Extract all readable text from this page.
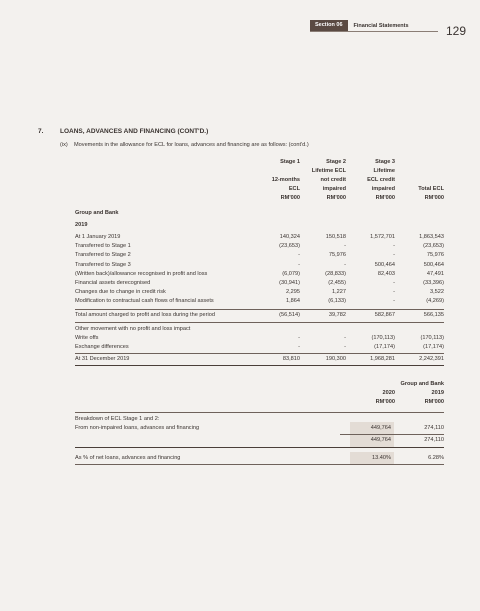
Section 06	Financial Statements	129
7.	LOANS, ADVANCES AND FINANCING (CONT'D.)
(ix)	Movements in the allowance for ECL for loans, advances and financing are as follows: (cont'd.)
Stage 1
12-months
ECL
RM'000
Stage 2
Lifetime ECL
not credit
impaired
RM'000
Stage 3
Lifetime
ECL credit
impaired
RM'000
Total ECL
RM'000
Group and Bank
2019
At 1 January 2019	140,324	150,518	1,572,701	1,863,543
Transferred to Stage 1	(23,653)	-	-	(23,653)
Transferred to Stage 2	-	75,976	-	75,976
Transferred to Stage 3	-	-	500,464	500,464
(Written back)/allowance recognised in profit and loss	(6,079)	(28,833)	82,403	47,491
Financial assets derecognised	(30,941)	(2,455)	-	(33,396)
Changes due to change in credit risk	2,295	1,227	-	3,522
Modification to contractual cash flows of financial assets	1,864	(6,133)	-	(4,269)
Total amount charged to profit and loss during the period	(56,514)	39,782	582,867	566,135
Other movement with no profit and loss impact
Write offs	-	-	(170,113)	(170,113)
Exchange differences	-	-	(17,174)	(17,174)
At 31 December 2019	83,810	190,300	1,968,281	2,242,391
Group and Bank
2020	2019
RM'000	RM'000
Breakdown of ECL Stage 1 and 2:
From non-impaired loans, advances and financing	449,764	274,110
449,764	274,110
As % of net loans, advances and financing	13.40%	6.28%
